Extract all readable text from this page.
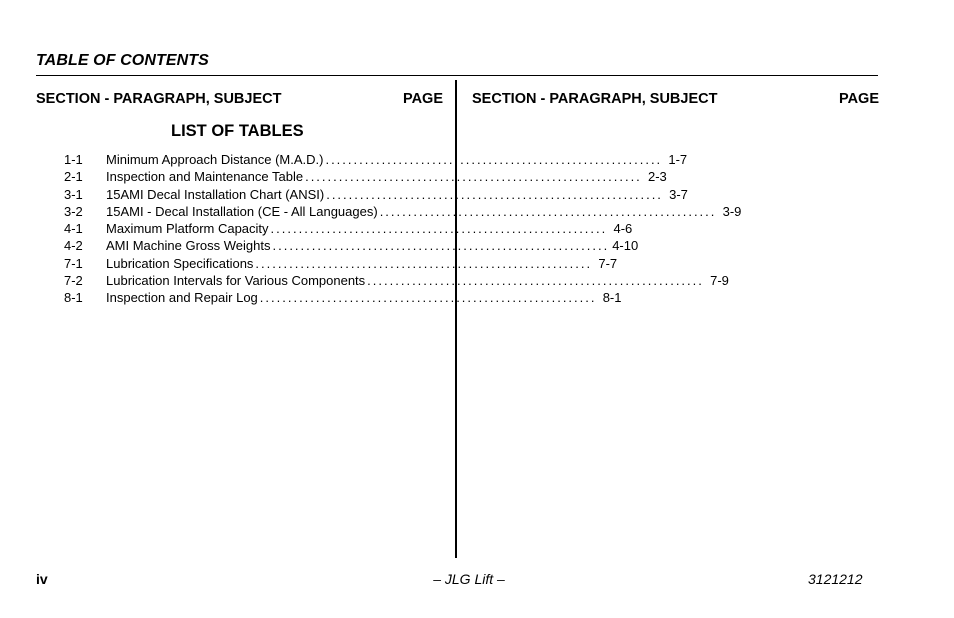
TABLE OF CONTENTS
SECTION - PARAGRAPH, SUBJECT	PAGE SECTION - PARAGRAPH, SUBJECT	PAGE
LIST OF TABLES
1-1	Minimum Approach Distance (M.A.D.) ............................................................ 1-7
2-1	Inspection and Maintenance Table ............................................................ 2-3
3-1	15AMI Decal Installation Chart (ANSI) ............................................................ 3-7
3-2	15AMI - Decal Installation (CE - All Languages) ............................................................ 3-9
4-1	Maximum Platform Capacity ............................................................ 4-6
4-2	AMI Machine Gross Weights ............................................................ 4-10
7-1	Lubrication Specifications ............................................................ 7-7
7-2	Lubrication Intervals for Various Components ............................................................ 7-9
8-1	Inspection and Repair Log ............................................................ 8-1
iv	– JLG Lift –	3121212
